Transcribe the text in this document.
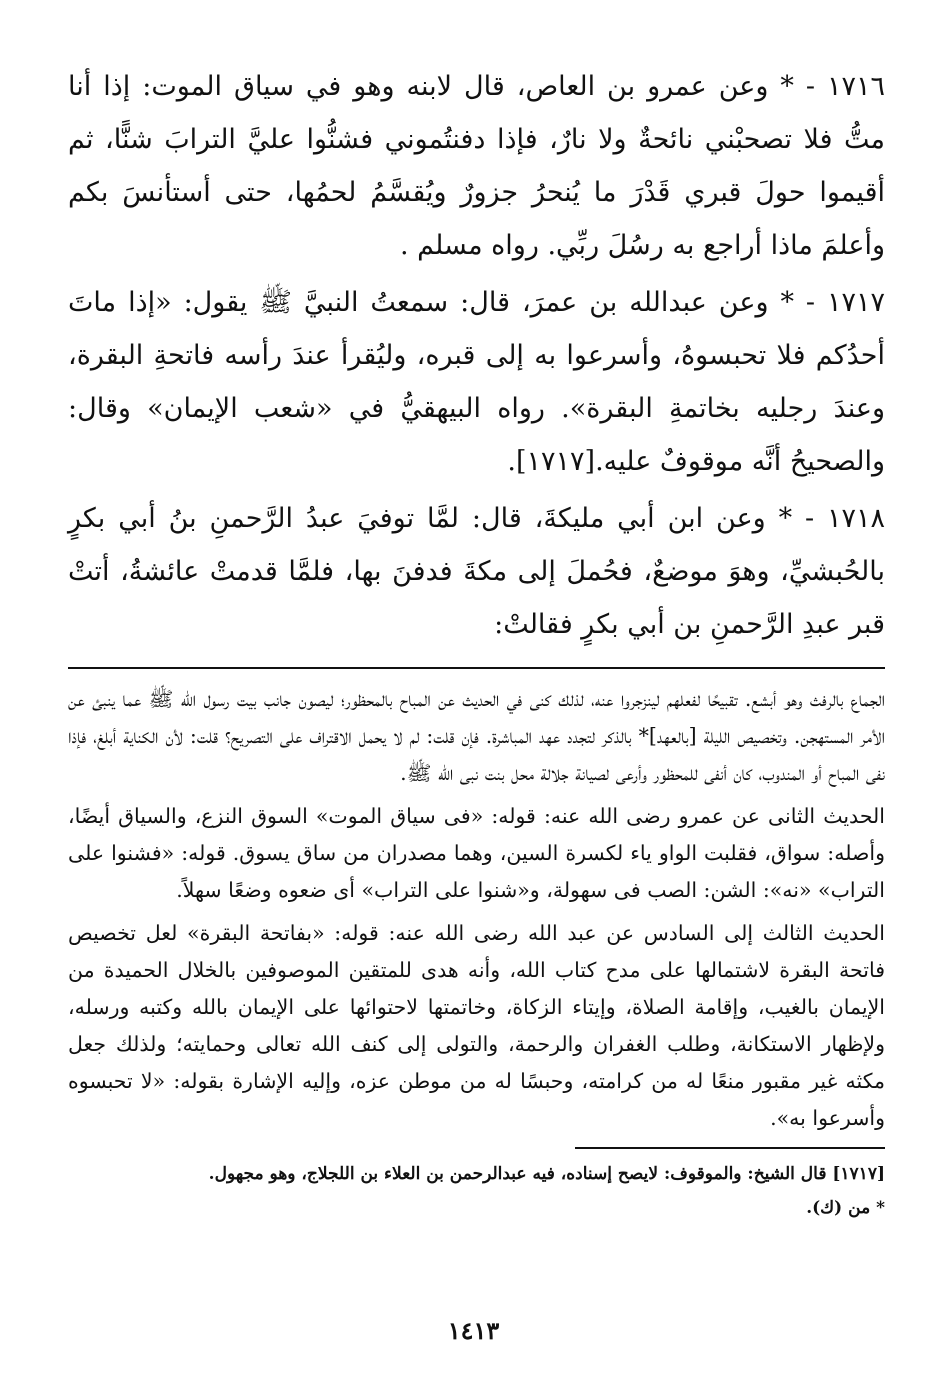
١٧١٦ - * وعن عمرو بن العاص، قال لابنه وهو في سياق الموت: إذا أنا متُّ فلا تصحبْني نائحةٌ ولا نارٌ، فإذا دفنتُموني فشنُّوا عليَّ الترابَ شنًّا، ثم أقيموا حولَ قبري قَدْرَ ما يُنحرُ جزورٌ ويُقسَّمُ لحمُها، حتى أستأنسَ بكم وأعلمَ ماذا أراجع به رسُلَ ربِّي. رواه مسلم .

١٧١٧ - * وعن عبدالله بن عمرَ، قال: سمعتُ النبيَّ ﷺ يقول: «إذا ماتَ أحدُكم فلا تحبسوهُ، وأسرعوا به إلى قبره، وليُقرأ عندَ رأسه فاتحةِ البقرة، وعندَ رجليه بخاتمةِ البقرة». رواه البيهقيُّ في «شعب الإيمان» وقال: والصحيحُ أنَّه موقوفٌ عليه.[١٧١٧].

١٧١٨ - * وعن ابن أبي مليكةَ، قال: لمَّا توفيَ عبدُ الرَّحمنِ بنُ أبي بكرٍ بالحُبشيِّ، وهوَ موضعٌ، فحُملَ إلى مكةَ فدفنَ بها، فلمَّا قدمتْ عائشةُ، أتتْ قبر عبدِ الرَّحمنِ بن أبي بكرٍ فقالتْ:

الجماع بالرفث وهو أبشع. تقبيحًا لفعلهم لينزجروا عنه، لذلك كنى في الحديث عن المباح بالمحظور؛ ليصون جانب بيت رسول الله ﷺ عما ينبئ عن الأمر المستهجن. وتخصيص الليلة [بالعهد]* بالذكر لتجدد عهد المباشرة. فإن قلت: لم لا يحمل الاقتراف على التصريح؟ قلت: لأن الكناية أبلغ، فإذا نفى المباح أو المندوب، كان أنفى للمحظور وأرعى لصيانة جلالة محل بنت نبى الله ﷺ.

الحديث الثانى عن عمرو رضى الله عنه: قوله: «فى سياق الموت» السوق النزع، والسياق أيضًا، وأصله: سواق، فقلبت الواو ياء لكسرة السين، وهما مصدران من ساق يسوق. قوله: «فشنوا على التراب» «نه»: الشن: الصب فى سهولة، و«شنوا على التراب» أى ضعوه وضعًا سهلاً.

الحديث الثالث إلى السادس عن عبد الله رضى الله عنه: قوله: «بفاتحة البقرة» لعل تخصيص فاتحة البقرة لاشتمالها على مدح كتاب الله، وأنه هدى للمتقين الموصوفين بالخلال الحميدة من الإيمان بالغيب، وإقامة الصلاة، وإيتاء الزكاة، وخاتمتها لاحتوائها على الإيمان بالله وكتبه ورسله، ولإظهار الاستكانة، وطلب الغفران والرحمة، والتولى إلى كنف الله تعالى وحمايته؛ ولذلك جعل مكثه غير مقبور منعًا له من كرامته، وحبسًا له من موطن عزه، وإليه الإشارة بقوله: «لا تحبسوه وأسرعوا به».

[١٧١٧] قال الشيخ: والموقوف: لايصح إسناده، فيه عبدالرحمن بن العلاء بن اللجلاج، وهو مجهول.

* من (ك).

١٤١٣
